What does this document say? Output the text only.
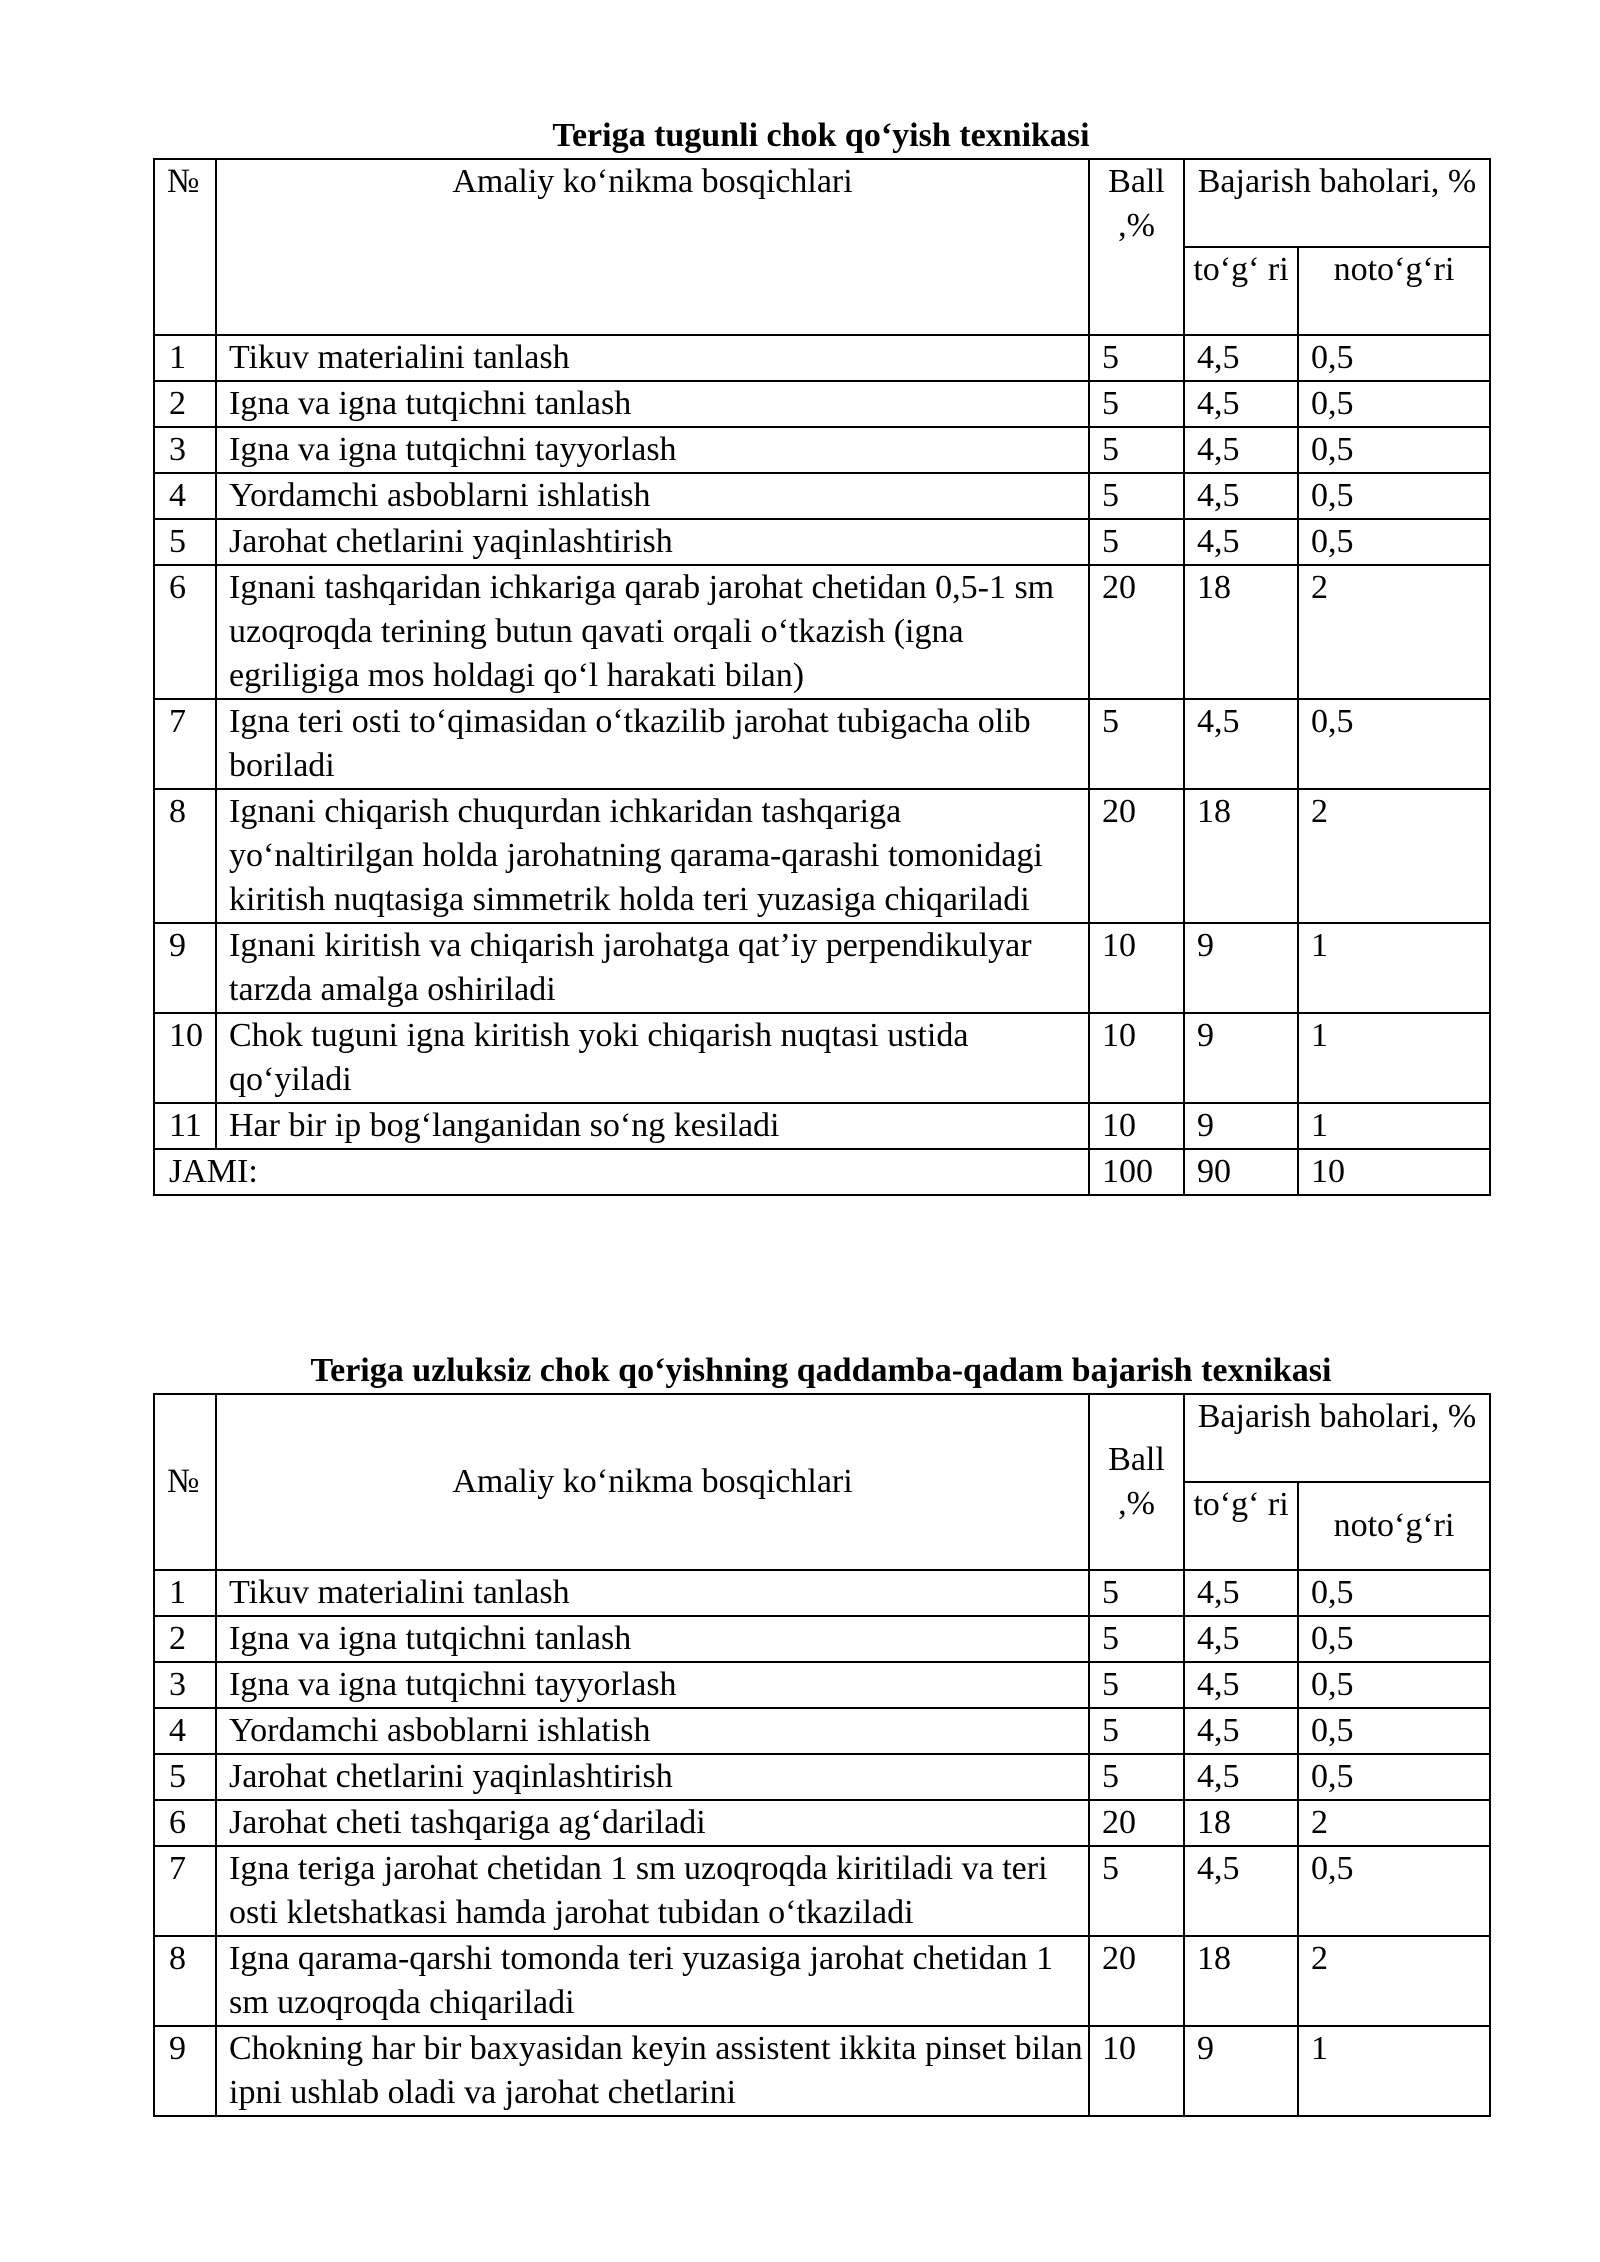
Teriga tugunli chok qo‘yish texnikasi
№	Amaliy ko‘nikma bosqichlari	Ball ,%	Bajarish baholari, %	
			to‘g‘ ri	noto‘g‘ri
1	Tikuv materialini tanlash	5	4,5	0,5
2	Igna va igna tutqichni tanlash	5	4,5	0,5
3	Igna va igna tutqichni tayyorlash	5	4,5	0,5
4	Yordamchi asboblarni ishlatish	5	4,5	0,5
5	Jarohat chetlarini yaqinlashtirish	5	4,5	0,5
6	Ignani tashqaridan ichkariga qarab jarohat chetidan 0,5-1 sm uzoqroqda terining butun qavati orqali o‘tkazish (igna egriligiga mos holdagi qo‘l harakati bilan)	20	18	2
7	Igna teri osti to‘qimasidan o‘tkazilib jarohat tubigacha olib boriladi	5	4,5	0,5
8	Ignani chiqarish chuqurdan ichkaridan tashqariga yo‘naltirilgan holda jarohatning qarama-qarashi tomonidagi kiritish nuqtasiga simmetrik holda teri yuzasiga chiqariladi	20	18	2
9	Ignani kiritish va chiqarish jarohatga qat’iy perpendikulyar tarzda amalga oshiriladi	10	9	1
10	Chok tuguni igna kiritish yoki chiqarish nuqtasi ustida qo‘yiladi	10	9	1
11	Har bir ip bog‘langanidan so‘ng kesiladi	10	9	1
JAMI:		100	90	10
Teriga uzluksiz chok qo‘yishning qaddamba-qadam bajarish texnikasi
№	Amaliy ko‘nikma bosqichlari	Ball ,%	Bajarish baholari, %	
			to‘g‘ ri	noto‘g‘ri
1	Tikuv materialini tanlash	5	4,5	0,5
2	Igna va igna tutqichni tanlash	5	4,5	0,5
3	Igna va igna tutqichni tayyorlash	5	4,5	0,5
4	Yordamchi asboblarni ishlatish	5	4,5	0,5
5	Jarohat chetlarini yaqinlashtirish	5	4,5	0,5
6	Jarohat cheti tashqariga ag‘dariladi	20	18	2
7	Igna teriga jarohat chetidan 1 sm uzoqroqda kiritiladi va teri osti kletshatkasi hamda jarohat tubidan o‘tkaziladi	5	4,5	0,5
8	Igna qarama-qarshi tomonda teri yuzasiga jarohat chetidan 1 sm uzoqroqda chiqariladi	20	18	2
9	Chokning har bir baxyasidan keyin assistent ikkita pinset bilan ipni ushlab oladi va jarohat chetlarini	10	9	1
